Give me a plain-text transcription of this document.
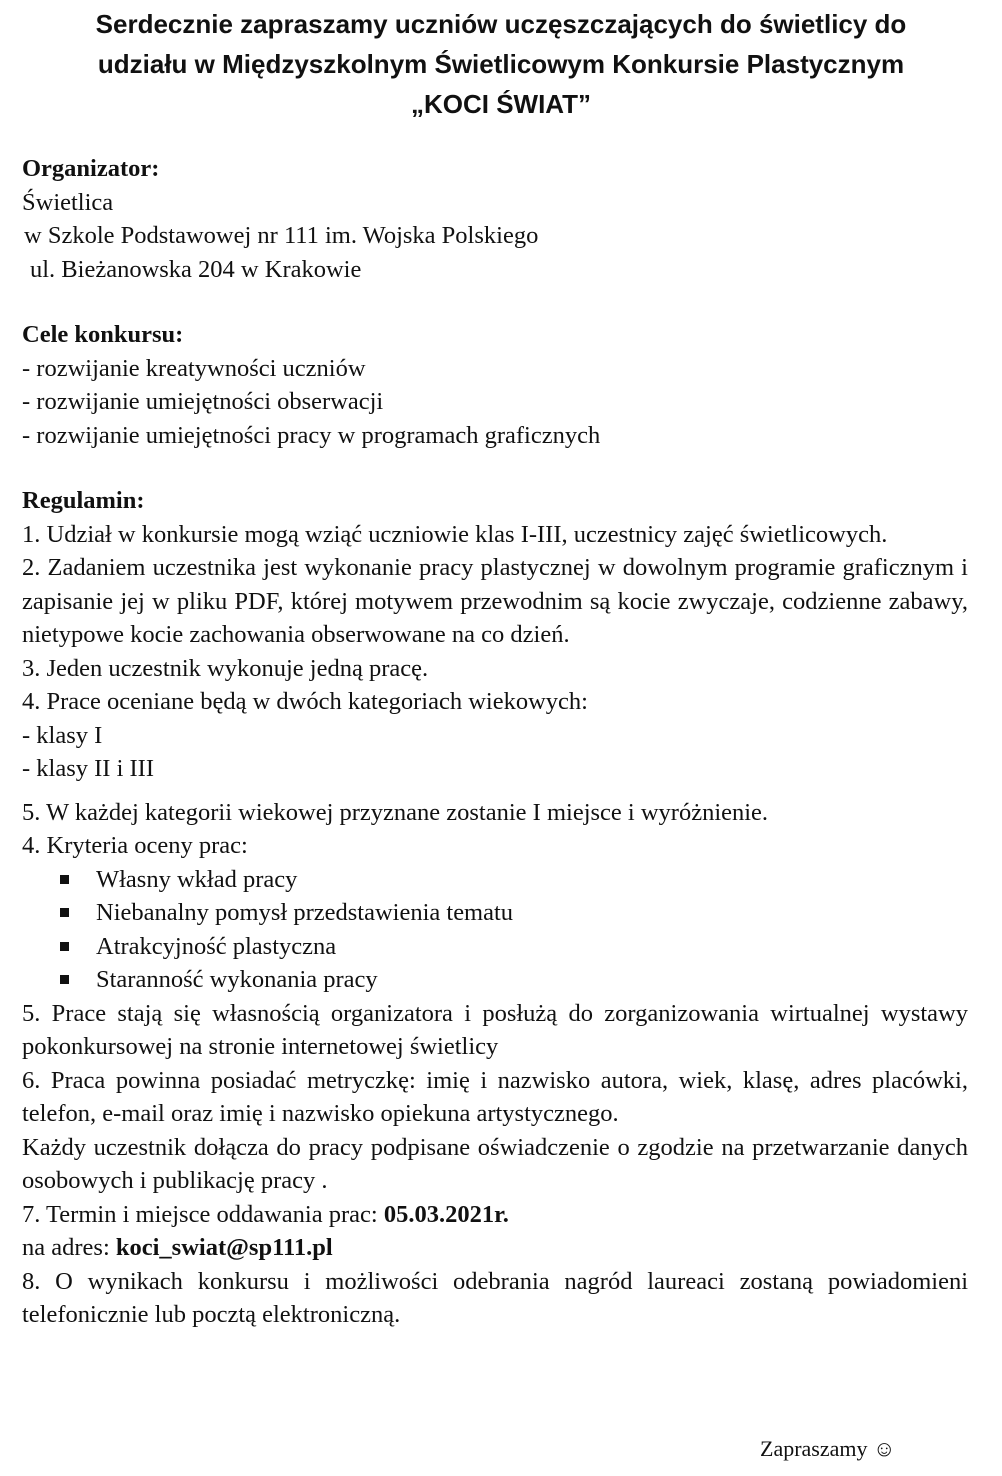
Serdecznie zapraszamy uczniów uczęszczających do świetlicy do
udziału w Międzyszkolnym Świetlicowym Konkursie Plastycznym
„KOCI ŚWIAT”
Organizator:
Świetlica
w Szkole Podstawowej nr 111 im. Wojska Polskiego
ul. Bieżanowska 204 w Krakowie
Cele konkursu:
- rozwijanie kreatywności uczniów
- rozwijanie umiejętności obserwacji
- rozwijanie umiejętności pracy w programach graficznych
Regulamin:
1. Udział w konkursie mogą wziąć uczniowie klas I-III, uczestnicy zajęć świetlicowych.
2. Zadaniem uczestnika jest wykonanie pracy plastycznej w dowolnym programie graficznym i zapisanie jej w pliku PDF, której motywem przewodnim są kocie zwyczaje, codzienne zabawy, nietypowe kocie zachowania obserwowane na co dzień.
3. Jeden uczestnik wykonuje jedną pracę.
4. Prace oceniane będą w dwóch kategoriach wiekowych:
- klasy I
- klasy II i III
5. W każdej kategorii wiekowej przyznane zostanie I miejsce i wyróżnienie.
4. Kryteria oceny prac:
Własny wkład pracy
Niebanalny pomysł przedstawienia tematu
Atrakcyjność plastyczna
Staranność wykonania pracy
5. Prace stają się własnością organizatora i posłużą do zorganizowania wirtualnej wystawy pokonkursowej na stronie internetowej świetlicy
6. Praca powinna posiadać metryczkę: imię i nazwisko autora, wiek, klasę, adres placówki, telefon, e-mail oraz imię i nazwisko opiekuna artystycznego.
Każdy uczestnik dołącza do pracy podpisane oświadczenie o zgodzie na przetwarzanie danych osobowych i publikację pracy .
7. Termin i miejsce oddawania prac: 05.03.2021r.
na adres: koci_swiat@sp111.pl
8. O wynikach konkursu i możliwości odebrania nagród laureaci zostaną powiadomieni telefonicznie lub pocztą elektroniczną.
Zapraszamy ☺
